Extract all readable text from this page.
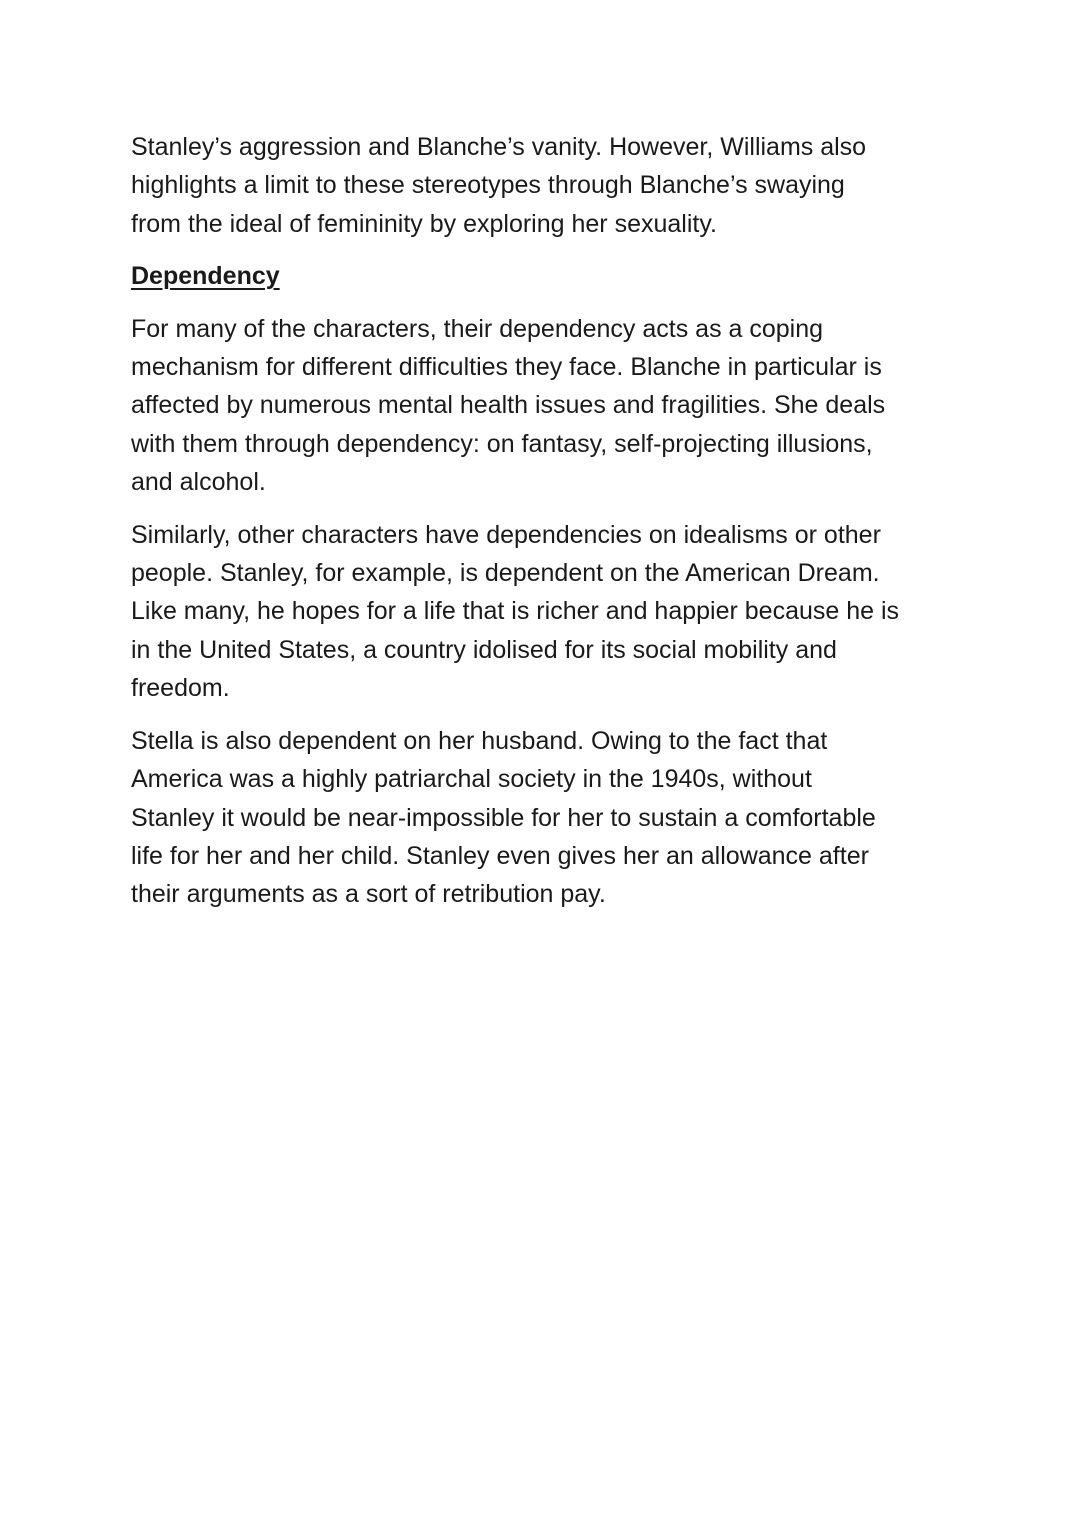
Stanley’s aggression and Blanche’s vanity. However, Williams also
highlights a limit to these stereotypes through Blanche’s swaying
from the ideal of femininity by exploring her sexuality.

Dependency

For many of the characters, their dependency acts as a coping
mechanism for different difficulties they face. Blanche in particular is
affected by numerous mental health issues and fragilities. She deals
with them through dependency: on fantasy, self-projecting illusions,
and alcohol.

Similarly, other characters have dependencies on idealisms or other
people. Stanley, for example, is dependent on the American Dream.
Like many, he hopes for a life that is richer and happier because he is
in the United States, a country idolised for its social mobility and
freedom.

Stella is also dependent on her husband. Owing to the fact that
America was a highly patriarchal society in the 1940s, without
Stanley it would be near-impossible for her to sustain a comfortable
life for her and her child. Stanley even gives her an allowance after
their arguments as a sort of retribution pay.
